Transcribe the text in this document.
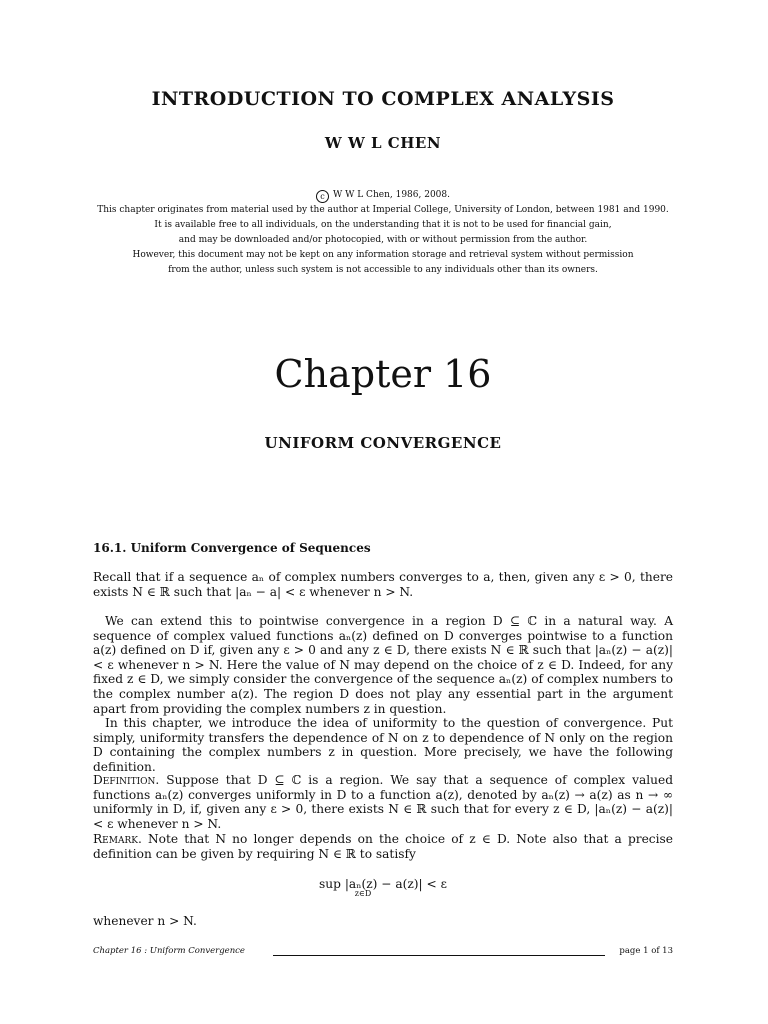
INTRODUCTION TO COMPLEX ANALYSIS
W W L CHEN
c W W L Chen, 1986, 2008.
This chapter originates from material used by the author at Imperial College, University of London, between 1981 and 1990.
It is available free to all individuals, on the understanding that it is not to be used for financial gain,
and may be downloaded and/or photocopied, with or without permission from the author.
However, this document may not be kept on any information storage and retrieval system without permission
from the author, unless such system is not accessible to any individuals other than its owners.
Chapter 16
UNIFORM CONVERGENCE
16.1. Uniform Convergence of Sequences
Recall that if a sequence aₙ of complex numbers converges to a, then, given any ε > 0, there exists N ∈ ℝ such that |aₙ − a| < ε whenever n > N.
We can extend this to pointwise convergence in a region D ⊆ ℂ in a natural way. A sequence of complex valued functions aₙ(z) defined on D converges pointwise to a function a(z) defined on D if, given any ε > 0 and any z ∈ D, there exists N ∈ ℝ such that |aₙ(z) − a(z)| < ε whenever n > N. Here the value of N may depend on the choice of z ∈ D. Indeed, for any fixed z ∈ D, we simply consider the convergence of the sequence aₙ(z) of complex numbers to the complex number a(z). The region D does not play any essential part in the argument apart from providing the complex numbers z in question.
In this chapter, we introduce the idea of uniformity to the question of convergence. Put simply, uniformity transfers the dependence of N on z to dependence of N only on the region D containing the complex numbers z in question. More precisely, we have the following definition.
Definition. Suppose that D ⊆ ℂ is a region. We say that a sequence of complex valued functions aₙ(z) converges uniformly in D to a function a(z), denoted by aₙ(z) → a(z) as n → ∞ uniformly in D, if, given any ε > 0, there exists N ∈ ℝ such that for every z ∈ D, |aₙ(z) − a(z)| < ε whenever n > N.
Remark. Note that N no longer depends on the choice of z ∈ D. Note also that a precise definition can be given by requiring N ∈ ℝ to satisfy
sup |aₙ(z) − a(z)| < ε
z∈D
whenever n > N.
Chapter 16 : Uniform Convergence	page 1 of 13
